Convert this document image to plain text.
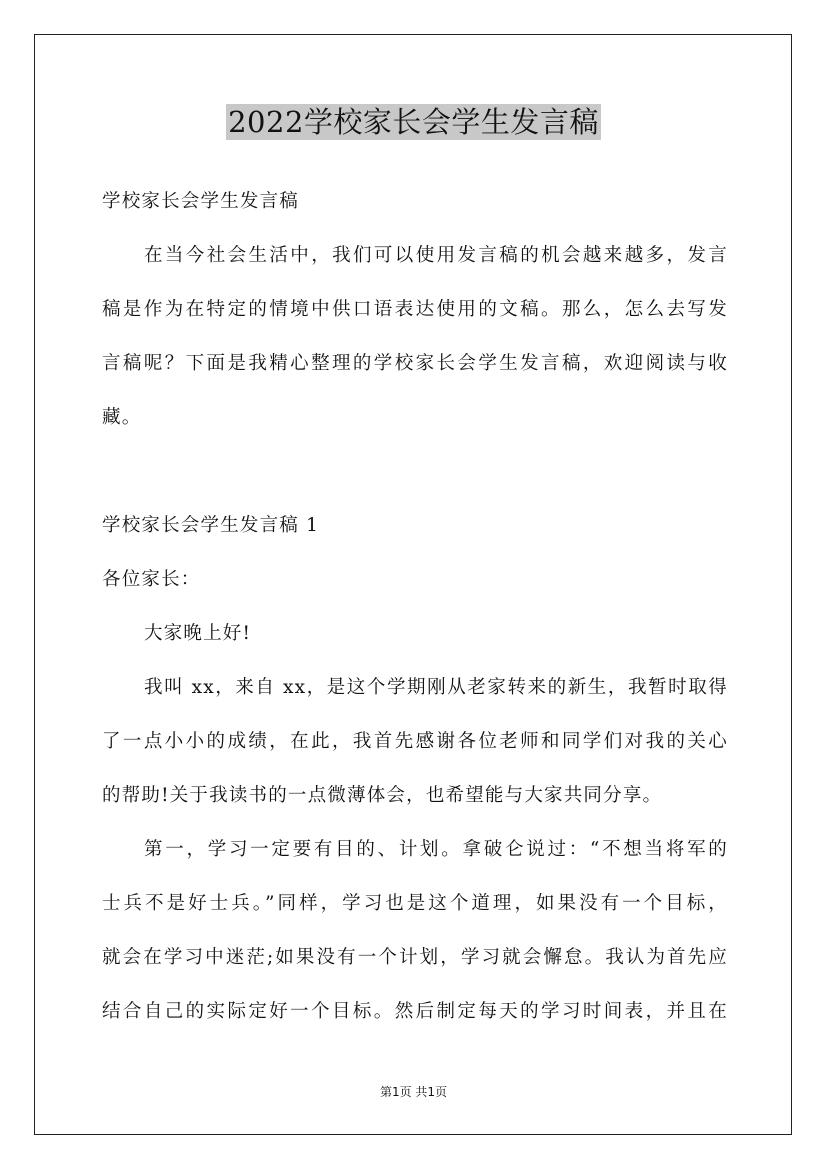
2022学校家长会学生发言稿
学校家长会学生发言稿
在当今社会生活中，我们可以使用发言稿的机会越来越多，发言
稿是作为在特定的情境中供口语表达使用的文稿。那么，怎么去写发
言稿呢？下面是我精心整理的学校家长会学生发言稿，欢迎阅读与收
藏。
学校家长会学生发言稿 1
各位家长：
大家晚上好!
我叫 xx，来自 xx，是这个学期刚从老家转来的新生，我暂时取得
了一点小小的成绩，在此，我首先感谢各位老师和同学们对我的关心
的帮助!关于我读书的一点微薄体会，也希望能与大家共同分享。
第一，学习一定要有目的、计划。拿破仑说过：“不想当将军的
士兵不是好士兵。”同样，学习也是这个道理，如果没有一个目标，
就会在学习中迷茫;如果没有一个计划，学习就会懈怠。我认为首先应
结合自己的实际定好一个目标。然后制定每天的学习时间表，并且在
第1页 共1页
